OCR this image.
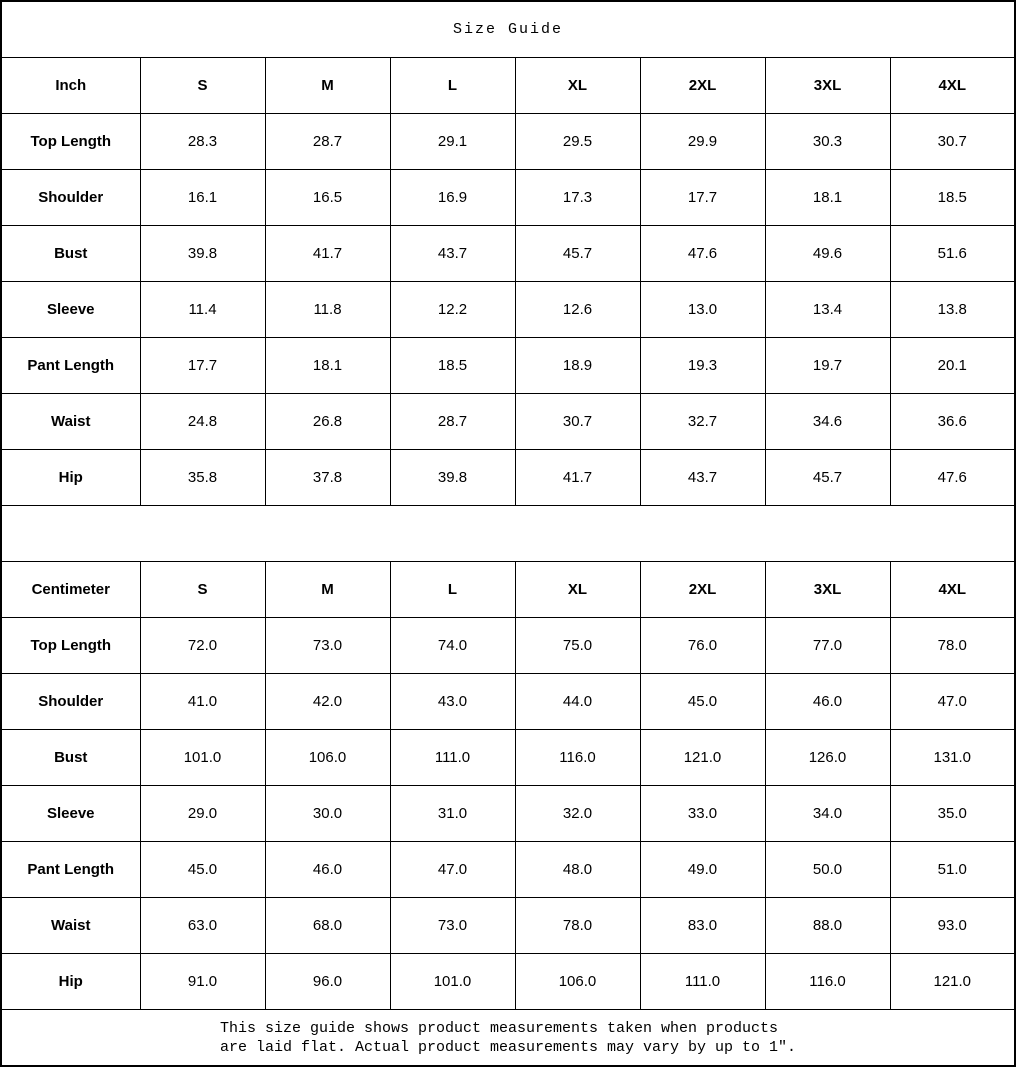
Size Guide							
Inch	S	M	L	XL	2XL	3XL	4XL
Top Length	28.3	28.7	29.1	29.5	29.9	30.3	30.7
Shoulder	16.1	16.5	16.9	17.3	17.7	18.1	18.5
Bust	39.8	41.7	43.7	45.7	47.6	49.6	51.6
Sleeve	11.4	11.8	12.2	12.6	13.0	13.4	13.8
Pant Length	17.7	18.1	18.5	18.9	19.3	19.7	20.1
Waist	24.8	26.8	28.7	30.7	32.7	34.6	36.6
Hip	35.8	37.8	39.8	41.7	43.7	45.7	47.6

Centimeter	S	M	L	XL	2XL	3XL	4XL
Top Length	72.0	73.0	74.0	75.0	76.0	77.0	78.0
Shoulder	41.0	42.0	43.0	44.0	45.0	46.0	47.0
Bust	101.0	106.0	111.0	116.0	121.0	126.0	131.0
Sleeve	29.0	30.0	31.0	32.0	33.0	34.0	35.0
Pant Length	45.0	46.0	47.0	48.0	49.0	50.0	51.0
Waist	63.0	68.0	73.0	78.0	83.0	88.0	93.0
Hip	91.0	96.0	101.0	106.0	111.0	116.0	121.0
This size guide shows product measurements taken when products
are laid flat. Actual product measurements may vary by up to 1″.							
